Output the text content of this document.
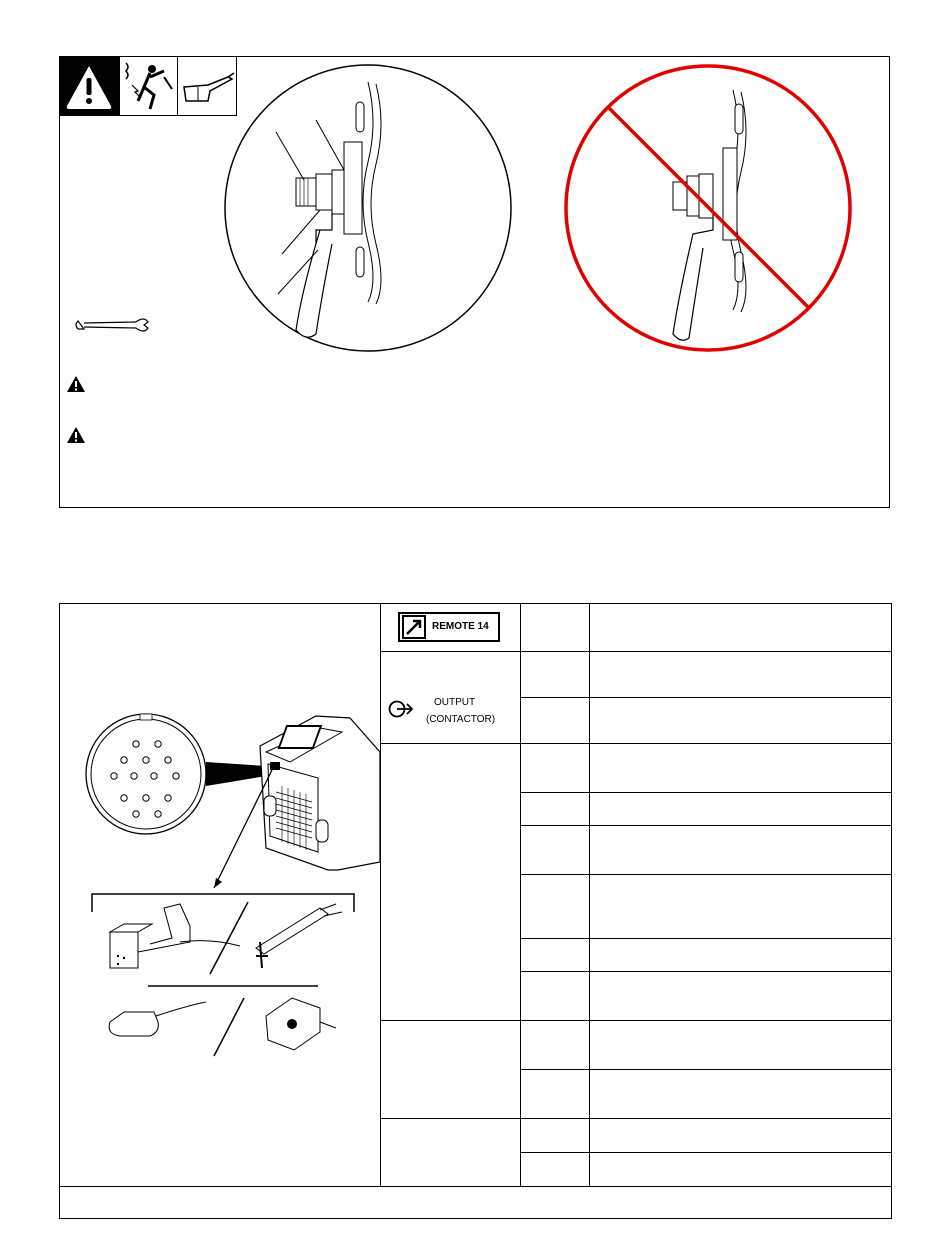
REMOTE 14
OUTPUT
(CONTACTOR)
